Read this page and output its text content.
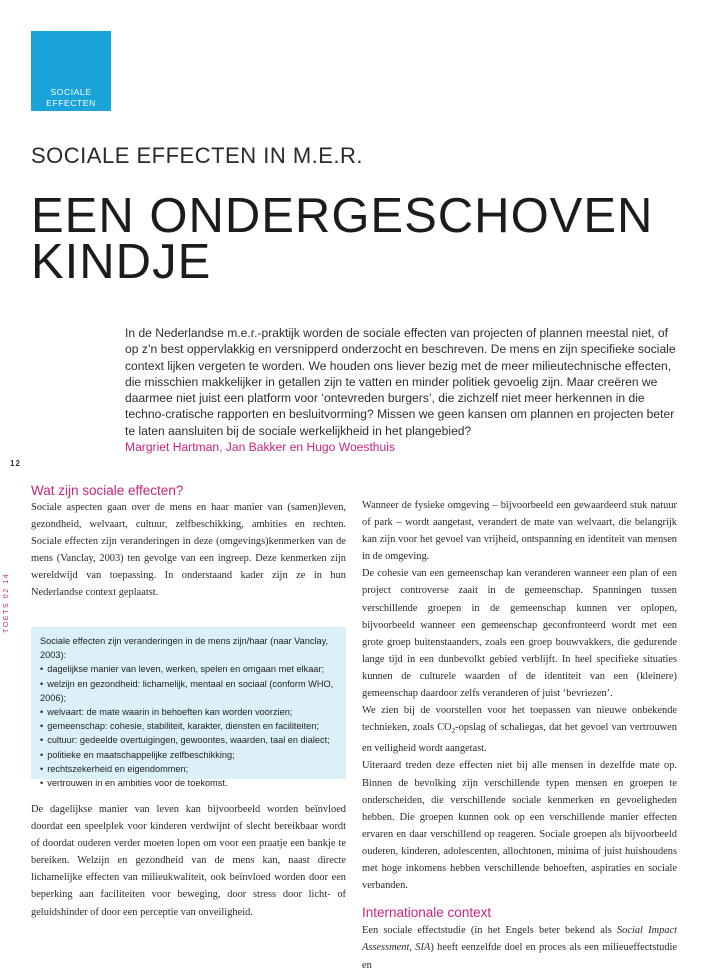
SOCIALE
EFFECTEN
SOCIALE EFFECTEN IN M.E.R.
EEN ONDERGESCHOVEN
KINDJE
In de Nederlandse m.e.r.-praktijk worden de sociale effecten van projecten of plannen meestal niet, of op z’n best oppervlakkig en versnipperd onderzocht en beschreven. De mens en zijn specifieke sociale context lijken vergeten te worden. We houden ons liever bezig met de meer milieutechnische effecten, die misschien makkelijker in getallen zijn te vatten en minder politiek gevoelig zijn. Maar creëren we daarmee niet juist een platform voor ‘ontevreden burgers’, die zichzelf niet meer herkennen in die techno-cratische rapporten en besluitvorming? Missen we geen kansen om plannen en projecten beter te laten aansluiten bij de sociale werkelijkheid in het plangebied?
Margriet Hartman, Jan Bakker en Hugo Woesthuis
12
TOETS 02 14
Wat zijn sociale effecten?

Sociale aspecten gaan over de mens en haar manier van (samen)leven, gezondheid, welvaart, cultuur, zelfbeschikking, ambities en rechten. Sociale effecten zijn veranderingen in deze (omgevings)kenmerken van de mens (Vanclay, 2003) ten gevolge van een ingreep. Deze kenmerken zijn wereldwijd van toepassing. In onderstaand kader zijn ze in hun Nederlandse context geplaatst.

Sociale effecten zijn veranderingen in de mens zijn/haar (naar Vanclay, 2003):
• dagelijkse manier van leven, werken, spelen en omgaan met elkaar;
• welzijn en gezondheid: lichamelijk, mentaal en sociaal (conform WHO, 2006);
• welvaart: de mate waarin in behoeften kan worden voorzien;
• gemeenschap: cohesie, stabiliteit, karakter, diensten en faciliteiten;
• cultuur: gedeelde overtuigingen, gewoontes, waarden, taal en dialect;
• politieke en maatschappelijke zelfbeschikking;
• rechtszekerheid en eigendommen;
• vertrouwen in en ambities voor de toekomst.

De dagelijkse manier van leven kan bijvoorbeeld worden beïnvloed doordat een speelplek voor kinderen verdwijnt of slecht bereikbaar wordt of doordat ouderen verder moeten lopen om voor een praatje een bankje te bereiken. Welzijn en gezondheid van de mens kan, naast directe lichamelijke effecten van milieukwaliteit, ook beïnvloed worden door een beperking aan faciliteiten voor beweging, door stress door licht- of geluidshinder of door een perceptie van onveiligheid.

Wanneer de fysieke omgeving – bijvoorbeeld een gewaardeerd stuk natuur of park – wordt aangetast, verandert de mate van welvaart, die belangrijk kan zijn voor het gevoel van vrijheid, ontspanning en identiteit van mensen in de omgeving.

De cohesie van een gemeenschap kan veranderen wanneer een plan of een project controverse zaait in de gemeenschap. Spanningen tussen verschillende groepen in de gemeenschap kunnen ver oplopen, bijvoorbeeld wanneer een gemeenschap geconfronteerd wordt met een grote groep buitenstaanders, zoals een groep bouwvakkers, die gedurende lange tijd in een dunbevolkt gebied verblijft. In heel specifieke situaties kunnen de culturele waarden of de identiteit van een (kleinere) gemeenschap daardoor zelfs veranderen of juist ‘bevriezen’.

We zien bij de voorstellen voor het toepassen van nieuwe onbekende technieken, zoals $CO_2$-opslag of schaliegas, dat het gevoel van vertrouwen en veiligheid wordt aangetast.

Uiteraard treden deze effecten niet bij alle mensen in dezelfde mate op. Binnen de bevolking zijn verschillende typen mensen en groepen te onderscheiden, die verschillende sociale kenmerken en gevoeligheden hebben. Die groepen kunnen ook op een verschillende manier effecten ervaren en daar verschillend op reageren. Sociale groepen als bijvoorbeeld ouderen, kinderen, adolescenten, allochtonen, minima of juist huishoudens met hoge inkomens hebben verschillende behoeften, aspiraties en sociale verbanden.

Internationale context

Een sociale effectstudie (in het Engels beter bekend als Social Impact Assessment, SIA) heeft eenzelfde doel en proces als een milieueffectstudie en
